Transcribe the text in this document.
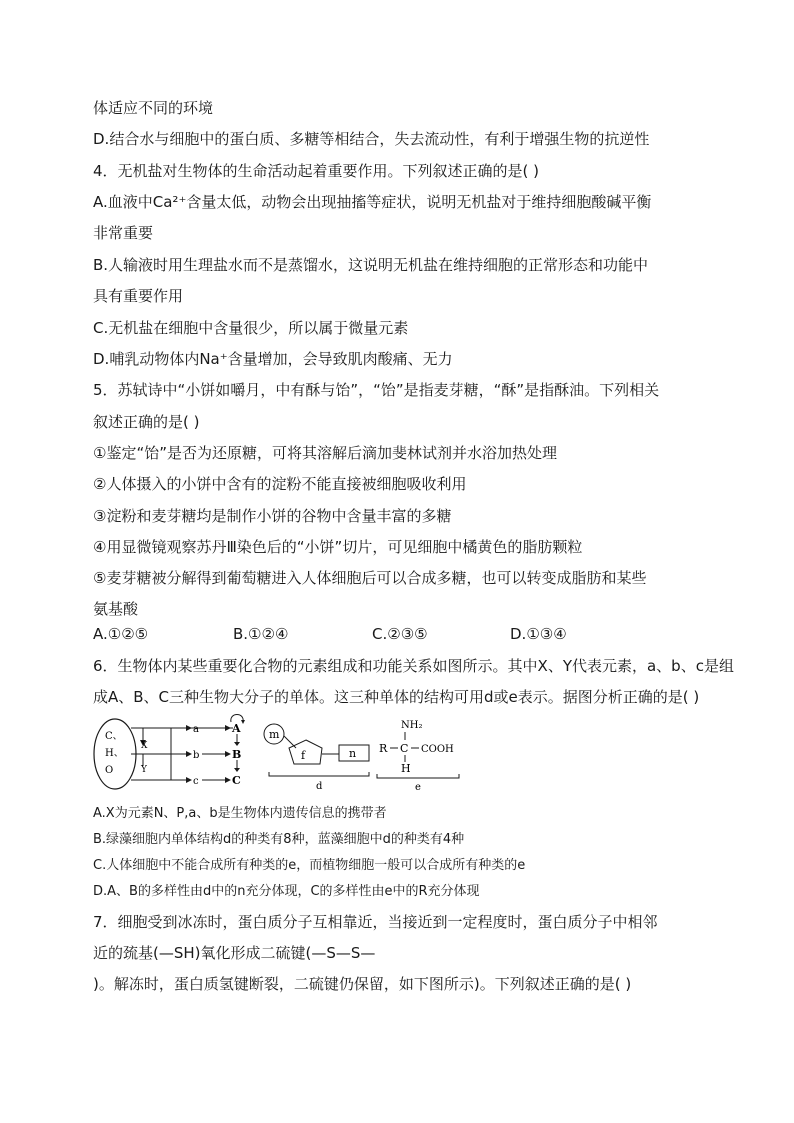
体适应不同的环境
D.结合水与细胞中的蛋白质、多糖等相结合，失去流动性，有利于增强生物的抗逆性
4．无机盐对生物体的生命活动起着重要作用。下列叙述正确的是( )
A.血液中Ca²⁺含量太低，动物会出现抽搐等症状，说明无机盐对于维持细胞酸碱平衡
非常重要
B.人输液时用生理盐水而不是蒸馏水，这说明无机盐在维持细胞的正常形态和功能中
具有重要作用
C.无机盐在细胞中含量很少，所以属于微量元素
D.哺乳动物体内Na⁺含量增加，会导致肌肉酸痛、无力
5．苏轼诗中“小饼如嚼月，中有酥与饴”，“饴”是指麦芽糖，“酥”是指酥油。下列相关
叙述正确的是( )
①鉴定“饴”是否为还原糖，可将其溶解后滴加斐林试剂并水浴加热处理
②人体摄入的小饼中含有的淀粉不能直接被细胞吸收利用
③淀粉和麦芽糖均是制作小饼的谷物中含量丰富的多糖
④用显微镜观察苏丹Ⅲ染色后的“小饼”切片，可见细胞中橘黄色的脂肪颗粒
⑤麦芽糖被分解得到葡萄糖进入人体细胞后可以合成多糖，也可以转变成脂肪和某些
氨基酸
A.①②⑤	B.①②④	C.②③⑤	D.①③④
6．生物体内某些重要化合物的元素组成和功能关系如图所示。其中X、Y代表元素，a、b、c是组
成A、B、C三种生物大分子的单体。这三种单体的结构可用d或e表示。据图分析正确的是( )
C、
H、
O
X
Y
a
b
c
A
B
C
m
f	n
d
NH₂
R C COOH
H
e
A.X为元素N、P,a、b是生物体内遗传信息的携带者
B.绿藻细胞内单体结构d的种类有8种，蓝藻细胞中d的种类有4种
C.人体细胞中不能合成所有种类的e，而植物细胞一般可以合成所有种类的e
D.A、B的多样性由d中的n充分体现，C的多样性由e中的R充分体现
7．细胞受到冰冻时，蛋白质分子互相靠近，当接近到一定程度时，蛋白质分子中相邻
近的巯基(—SH)氧化形成二硫键(—S—S—
)。解冻时，蛋白质氢键断裂，二硫键仍保留，如下图所示)。下列叙述正确的是( )
